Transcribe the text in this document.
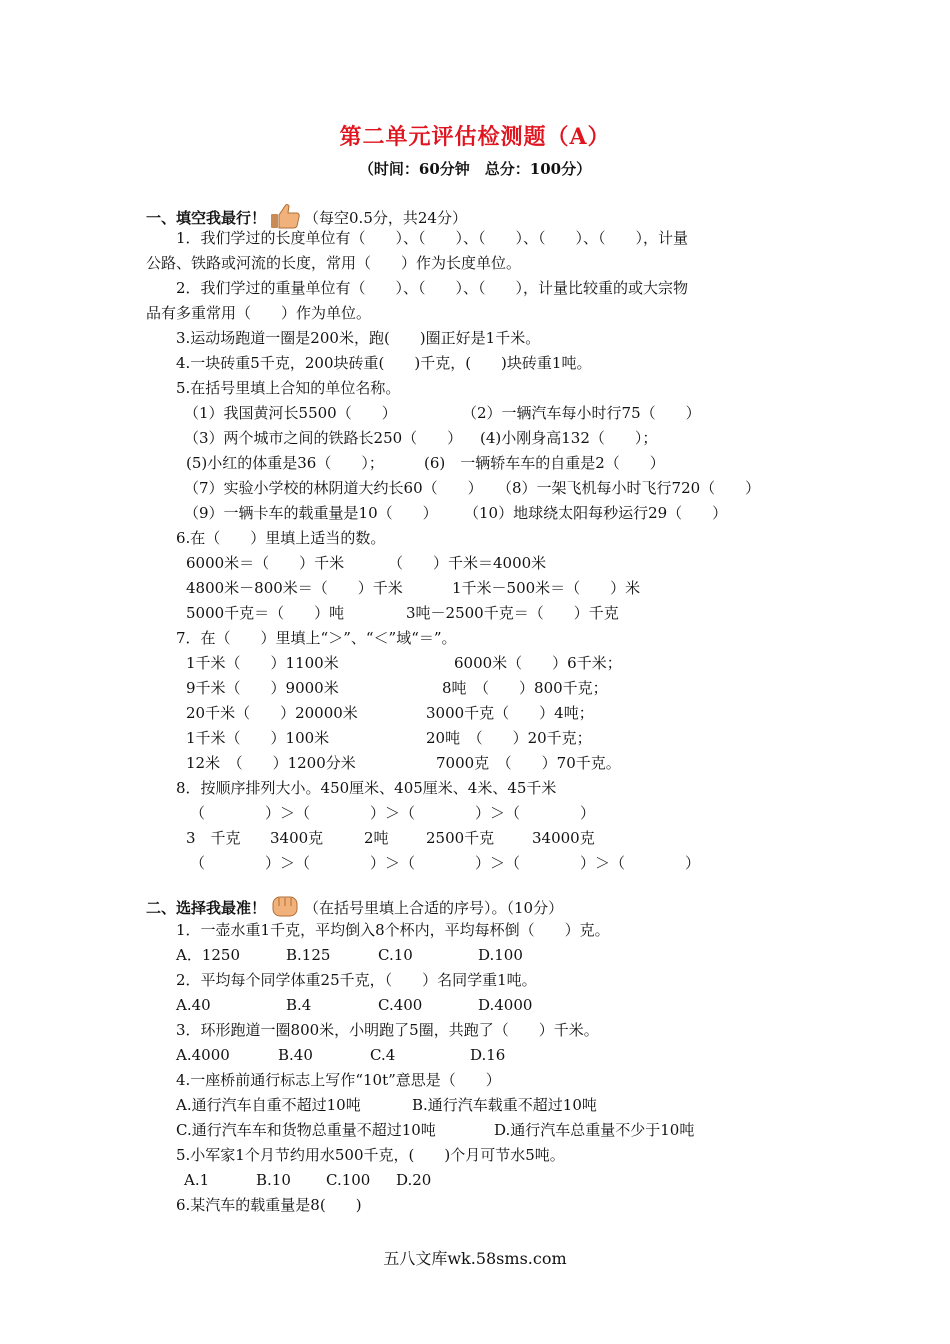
第二单元评估检测题（A）
（时间：60分钟　总分：100分）
一、填空我最行！	（每空0.5分，共24分）
1．我们学过的长度单位有（　　）、（　　）、（　　）、（　　）、（　　），计量
公路、铁路或河流的长度，常用（　　）作为长度单位。
2．我们学过的重量单位有（　　）、（　　）、（　　），计量比较重的或大宗物
品有多重常用（　　）作为单位。
3.运动场跑道一圈是200米，跑(　　)圈正好是1千米。
4.一块砖重5千克，200块砖重(　　)千克，(　　)块砖重1吨。
5.在括号里填上合知的单位名称。
（1）我国黄河长5500（　　）	（2）一辆汽车每小时行75（　　）
（3）两个城市之间的铁路长250（　　） (4)小刚身高132（　　）；
(5)小红的体重是36（　　）；	(6)　一辆轿车车的自重是2（　　）
（7）实验小学校的林阴道大约长60（　　） （8）一架飞机每小时飞行720（　　）
（9）一辆卡车的载重量是10（　　） （10）地球绕太阳每秒运行29（　　）
6.在（　　）里填上适当的数。
6000米＝（　　）千米	（　　）千米＝4000米
4800米－800米＝（　　）千米	1千米－500米＝（　　）米
5000千克＝（　　）吨	3吨－2500千克＝（　　）千克
7．在（　　）里填上“＞”、“＜”域“＝”。
1千米（　　）1100米	6000米（　　）6千米；
9千米（　　）9000米	8吨　（　　）800千克；
20千米（　　）20000米	3000千克（　　）4吨；
1千米（　　）100米	20吨　（　　）20千克；
12米　（　　）1200分米	7000克　（　　）70千克。
8．按顺序排列大小。450厘米、405厘米、4米、45千米
（　　　　）＞（　　　　）＞（　　　　）＞（　　　　）
3　千克 3400克	2吨 2500千克	34000克
（　　　　）＞（　　　　）＞（　　　　）＞（　　　　）＞（　　　　）
二、选择我最准！	（在括号里填上合适的序号）。（10分）
1．一壶水重1千克，平均倒入8个杯内，平均每杯倒（　　）克。
A．1250	B.125	C.10	D.100
2．平均每个同学体重25千克，（　　）名同学重1吨。
A.40	B.4	C.400	D.4000
3．环形跑道一圈800米，小明跑了5圈，共跑了（　　）千米。
A.4000	B.40	C.4	D.16
4.一座桥前通行标志上写作“10t”意思是（　　）
A.通行汽车自重不超过10吨	B.通行汽车载重不超过10吨
C.通行汽车车和货物总重量不超过10吨	D.通行汽车总重量不少于10吨
5.小军家1个月节约用水500千克，(　　)个月可节水5吨。
A.1	B.10 C.100 D.20
6.某汽车的载重量是8(　　)
五八文库wk.58sms.com
